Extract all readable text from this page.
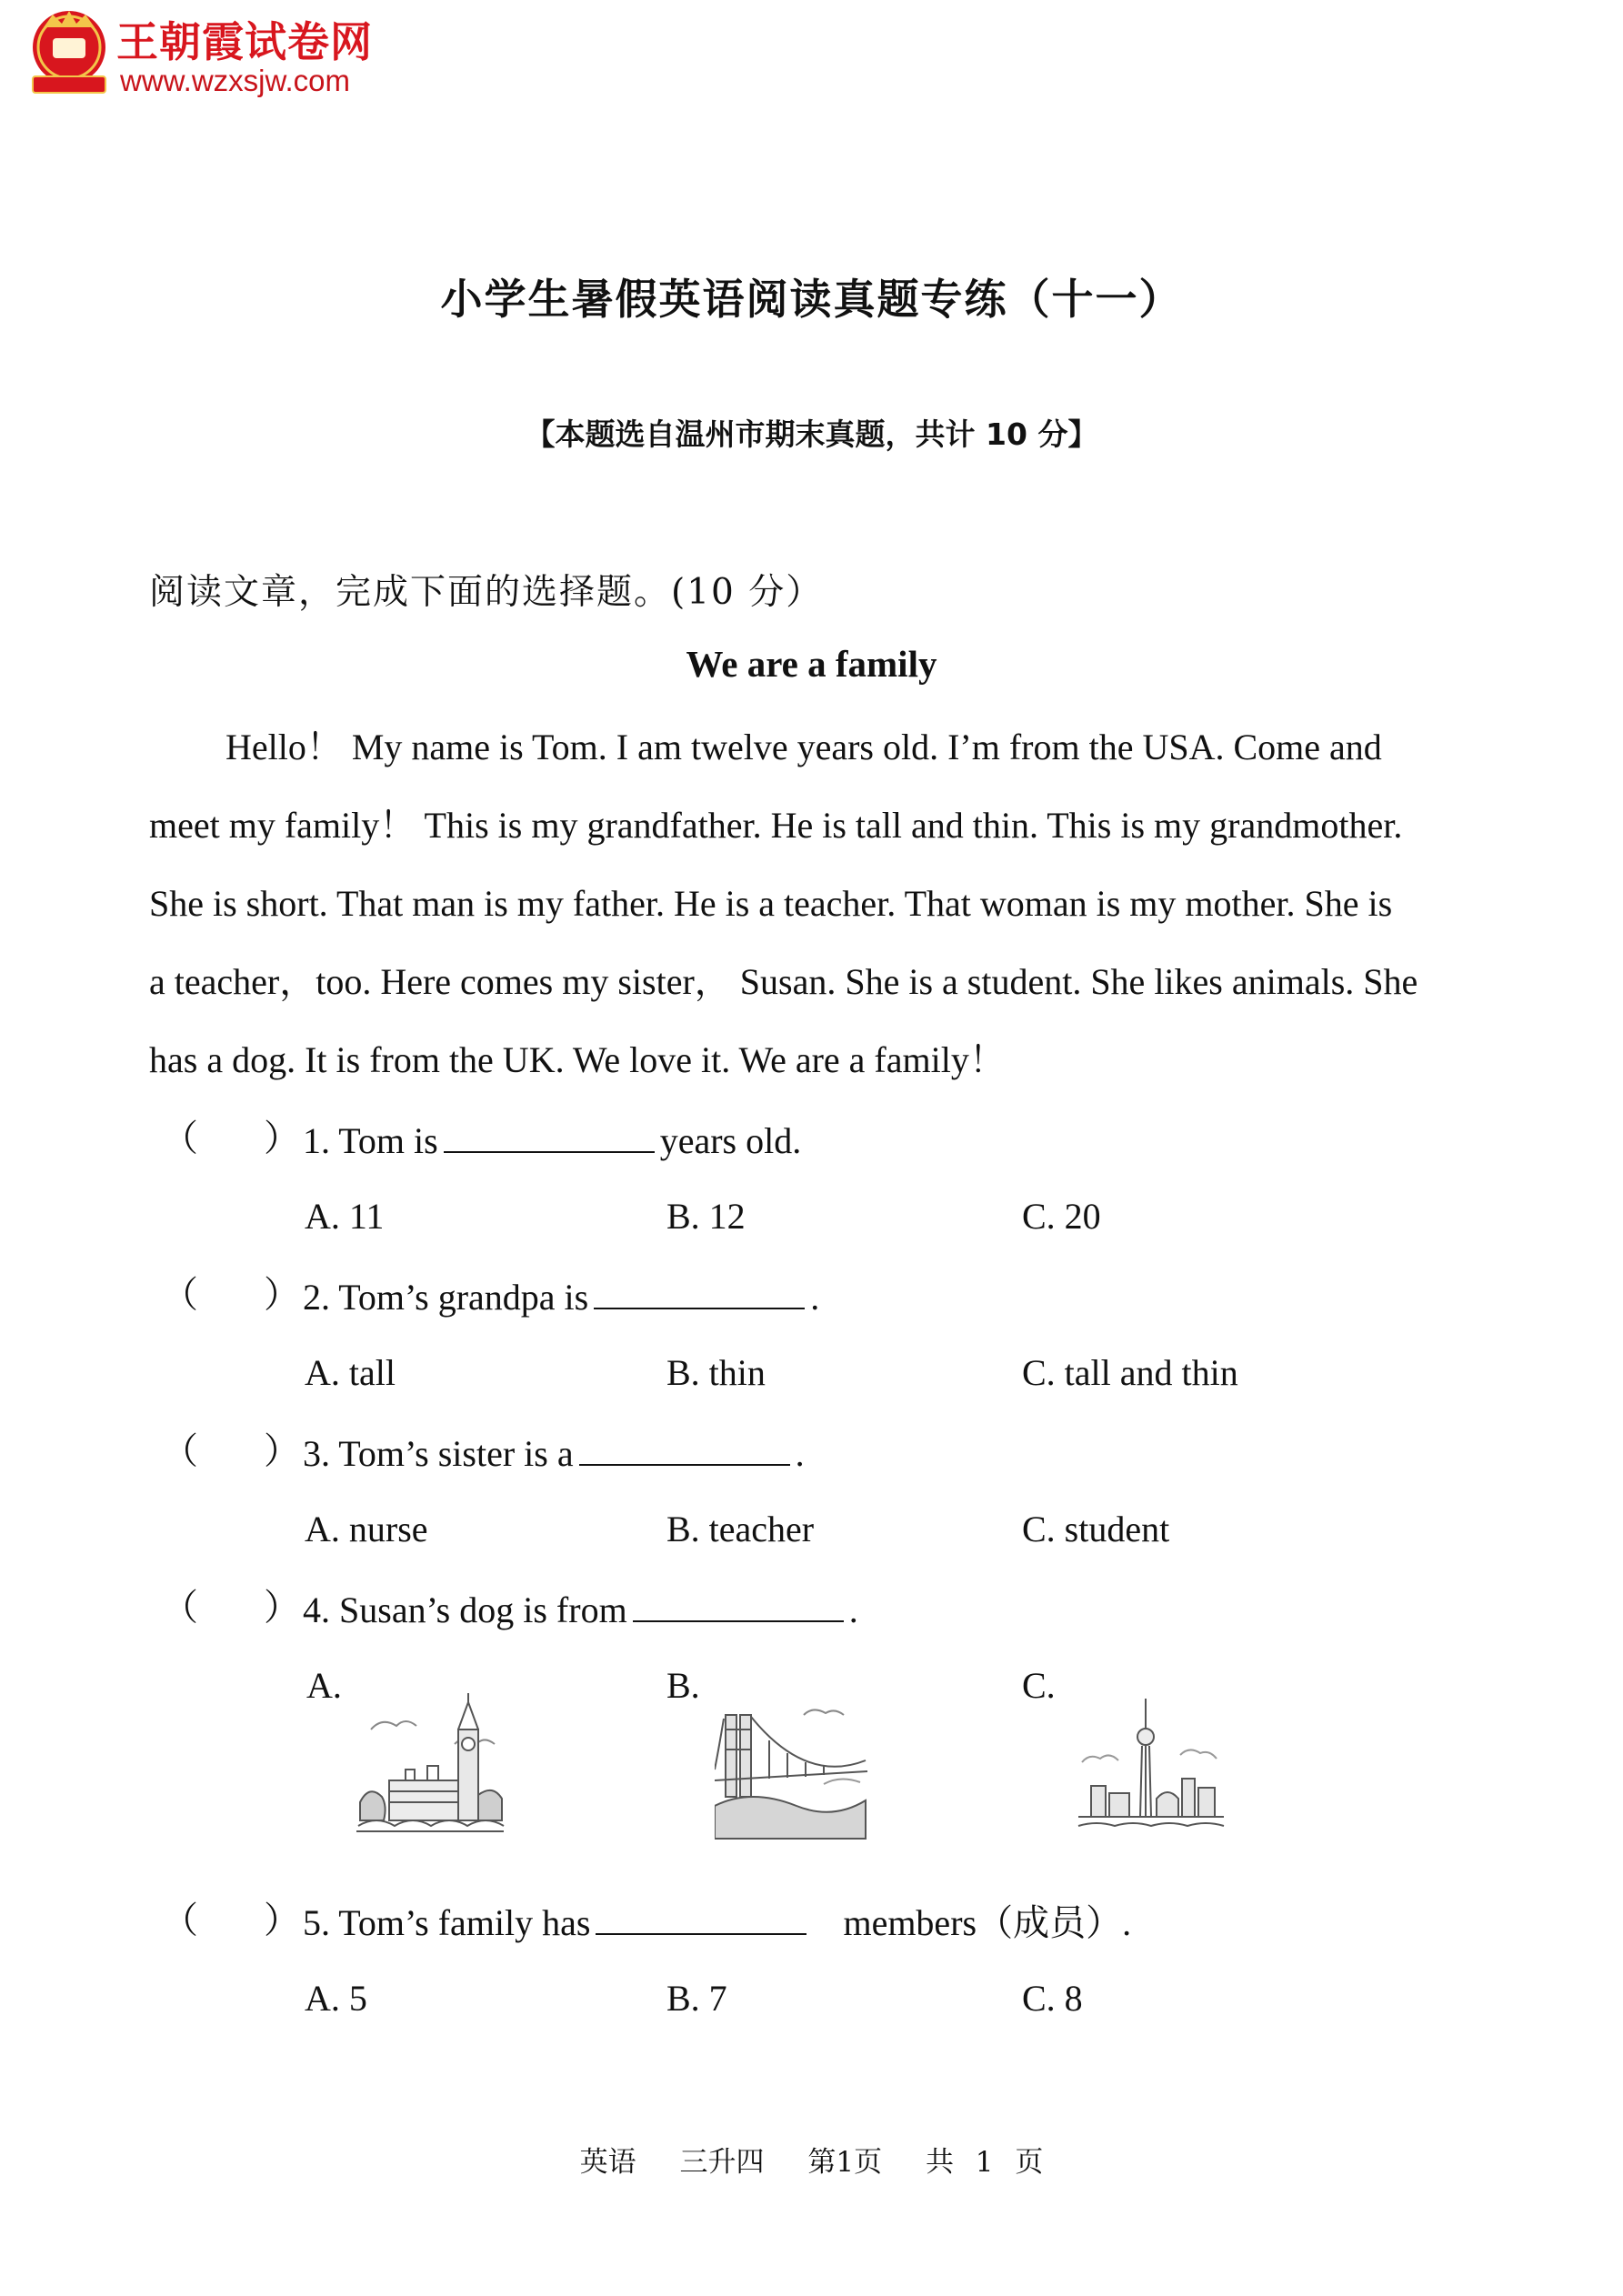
王朝霞试卷网
www.wzxsjw.com
小学生暑假英语阅读真题专练（十一）
【本题选自温州市期末真题，共计 10 分】
阅读文章，完成下面的选择题。(10 分）
We are a family
Hello！ My name is Tom. I am twelve years old. I’m from the USA. Come and
meet my family！ This is my grandfather. He is tall and thin. This is my grandmother.
She is short. That man is my father. He is a teacher. That woman is my mother. She is
a teacher，too. Here comes my sister， Susan. She is a student. She likes animals. She
has a dog. It is from the UK. We love it. We are a family！
（ ） 1. Tom is	years old.
A. 11	B. 12	C. 20
（ ） 2. Tom’s grandpa is	.
A. tall	B. thin	C. tall and thin
（ ） 3. Tom’s sister is a	.
A. nurse	B. teacher	C. student
（ ） 4. Susan’s dog is from	.
A.	B.	C.
（ ） 5. Tom’s family has	members（成员）.
A. 5	B. 7	C. 8
英语 三升四 第1页 共 1 页
